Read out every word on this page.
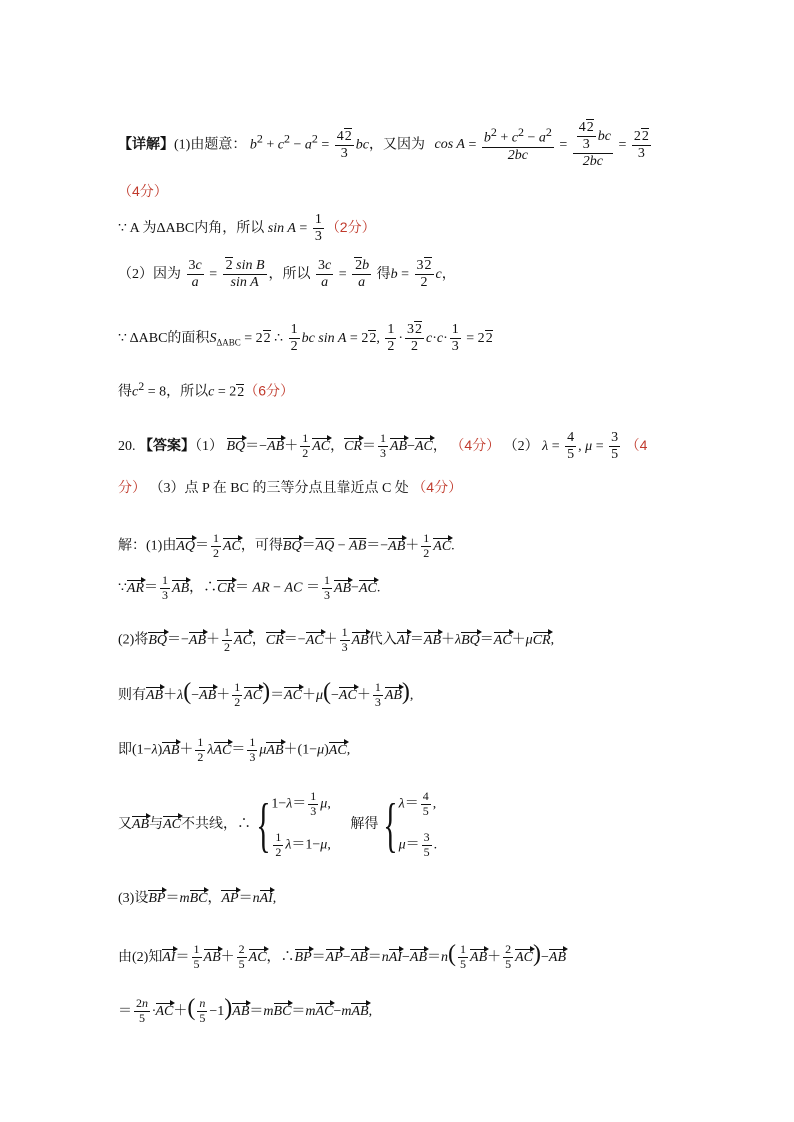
【详解】(1)由题意： $b^2 + c^2 - a^2 = \frac{42}{3}$ bc，又因为 $\cos A = \frac{b^2 + c^2 - a^2}{2bc} = \frac{\frac{42}{3} bc}{2bc} = \frac{22}{3}$
（4分）
∵ A 为ΔABC内角，所以 $\sin A = \frac{1}{3} (2$分）
（2）因为 $\frac{3c}{a} = \frac{\text{2 sin B}}{\text{sin A}}$ ，所以 $\frac{3c}{a} = \frac{2b}{a}$ 得$b = \frac{32}{2}$ c，
∵ ΔABC的面积$S_{\Delta ABC} = 22$ ∴ $\frac{1}{2}$ bc sin A = 22, $\frac{1}{2} \cdot \frac{32}{2} c\cdot c\cdot \frac{1}{3} = 22$
得$c^2 = 8$，所以c = 22（6分）
20. 【答案】（1） $BQ=-AB+ \frac{1}{2}$ AC，$CR= \frac{1}{3} AB-AC$， （4分） （2） $\lambda = \frac{4}{5}$ , $\mu = \frac{3}{5} (4$
分） （3）点 P 在 BC 的三等分点且靠近点 C 处 （4分）
解：(1)由$AQ= \frac{1}{2}$ AC，可得$BQ=\overline{AQ} - \overline{AB}=-AB+ \frac{1}{2}$ AC.
∵AR＝ $\frac{1}{3}$ AB，∴CR＝ AR − AC ＝ $\frac{1}{3} AB-AC$.
(2)将$BQ=-AB+ \frac{1}{2}$ AC，$CR=-AC+ \frac{1}{3}$ AB代入AI＝AB＋λBQ＝AC＋μCR,
则有$AB+\lambda(-AB+ \frac{1}{2} AC)=AC+\mu(-AC+ \frac{1}{3} AB)$,
即$(1-\lambda)AB+ \frac{1}{2} \lambda AC= \frac{1}{3} \mu AB+(1-\mu)AC$,
又AB与AC不共线，∴ { $1-\lambda= \frac{1}{3} \mu$,
$\frac{1}{2} \lambda=1-\mu$,
解得 { $\lambda= \frac{4}{5}$ ,
$\mu= \frac{3}{5}$ .
(3)设BP＝mBC，AP＝nAI,
由(2)知$AI= \frac{1}{5} AB+ \frac{2}{5}$ AC，∴BP＝AP−AB＝nAI−AB＝n( $\frac{1}{5} AB+ \frac{2}{5} AC)-AB$
＝ $\frac{2n}{5} \cdot AC+( \frac{n}{5} -1)AB=mBC=mAC-mAB$,
